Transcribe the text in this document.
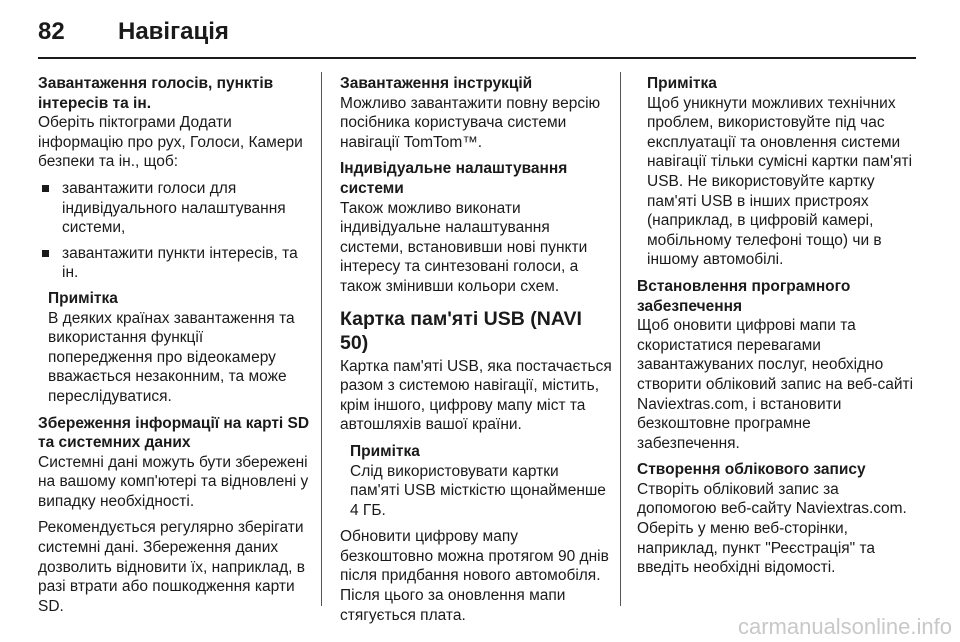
82	Навігація
Завантаження голосів, пунктів інтересів та ін.

Оберіть піктограми Додати інформацію про рух, Голоси, Камери безпеки та ін., щоб:

завантажити голоси для індивідуального налаштування системи,
завантажити пункти інтересів, та ін.
Примітка
В деяких країнах завантаження та використання функції попередження про відеокамеру вважається незаконним, та може переслідуватися.
Збереження інформації на карті SD та системних даних

Системні дані можуть бути збережені на вашому комп'ютері та відновлені у випадку необхідності.

Рекомендується регулярно зберігати системні дані. Збереження даних дозволить відновити їх, наприклад, в разі втрати або пошкодження карти SD.

Завантаження інструкцій

Можливо завантажити повну версію посібника користувача системи навігації TomTom™.

Індивідуальне налаштування системи

Також можливо виконати індивідуальне налаштування системи, встановивши нові пункти інтересу та синтезовані голоси, а також змінивши кольори схем.

Картка пам'яті USB (NAVI 50)

Картка пам'яті USB, яка постачається разом з системою навігації, містить, крім іншого, цифрову мапу міст та автошляхів вашої країни.

Примітка
Слід використовувати картки пам'яті USB місткістю щонайменше 4 ГБ.

Обновити цифрову мапу безкоштовно можна протягом 90 днів після придбання нового автомобіля. Після цього за оновлення мапи стягується плата.

Примітка
Щоб уникнути можливих технічних проблем, використовуйте під час експлуатації та оновлення системи навігації тільки сумісні картки пам'яті USB. Не використовуйте картку пам'яті USB в інших пристроях (наприклад, в цифровій камері, мобільному телефоні тощо) чи в іншому автомобілі.
Встановлення програмного забезпечення

Щоб оновити цифрові мапи та скористатися перевагами завантажуваних послуг, необхідно створити обліковий запис на веб-сайті Naviextras.com, і встановити безкоштовне програмне забезпечення.

Створення облікового запису

Створіть обліковий запис за допомогою веб-сайту Naviextras.com. Оберіть у меню веб-сторінки, наприклад, пункт "Реєстрація" та введіть необхідні відомості.

carmanualsonline.info
